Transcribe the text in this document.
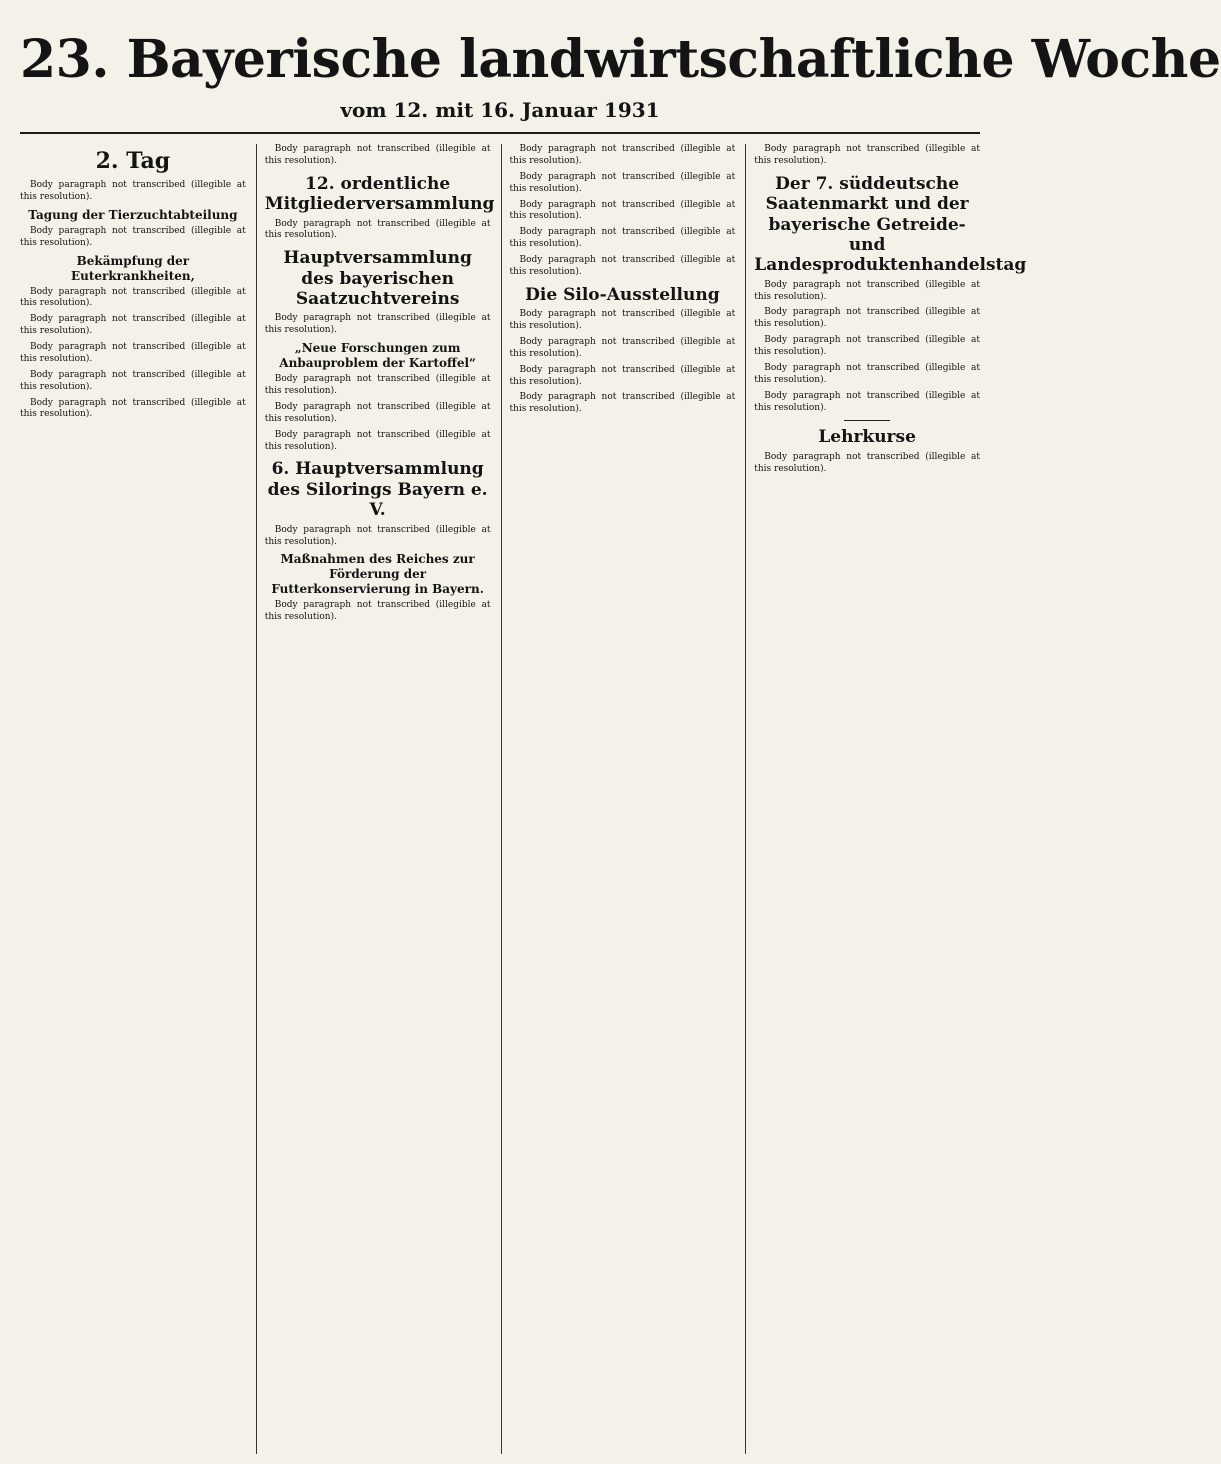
23. Bayerische landwirtschaftliche Woche
vom 12. mit 16. Januar 1931
2. Tag

Body paragraph not transcribed (illegible at this resolution).

Tagung der Tierzuchtabteilung

Body paragraph not transcribed (illegible at this resolution).

Bekämpfung der Euterkrankheiten,

Body paragraph not transcribed (illegible at this resolution).

Body paragraph not transcribed (illegible at this resolution).

Body paragraph not transcribed (illegible at this resolution).

Body paragraph not transcribed (illegible at this resolution).

Body paragraph not transcribed (illegible at this resolution).

Body paragraph not transcribed (illegible at this resolution).

12. ordentliche Mitgliederversammlung

Body paragraph not transcribed (illegible at this resolution).

Hauptversammlung des bayerischen Saatzuchtvereins

Body paragraph not transcribed (illegible at this resolution).

„Neue Forschungen zum Anbauproblem der Kartoffel“

Body paragraph not transcribed (illegible at this resolution).

Body paragraph not transcribed (illegible at this resolution).

Body paragraph not transcribed (illegible at this resolution).

6. Hauptversammlung des Silorings Bayern e. V.

Body paragraph not transcribed (illegible at this resolution).

Maßnahmen des Reiches zur Förderung der Futterkonservierung in Bayern.

Body paragraph not transcribed (illegible at this resolution).

Body paragraph not transcribed (illegible at this resolution).

Body paragraph not transcribed (illegible at this resolution).

Body paragraph not transcribed (illegible at this resolution).

Body paragraph not transcribed (illegible at this resolution).

Body paragraph not transcribed (illegible at this resolution).

Die Silo-Ausstellung

Body paragraph not transcribed (illegible at this resolution).

Body paragraph not transcribed (illegible at this resolution).

Body paragraph not transcribed (illegible at this resolution).

Body paragraph not transcribed (illegible at this resolution).

Body paragraph not transcribed (illegible at this resolution).

Der 7. süddeutsche Saatenmarkt und der bayerische Getreide- und Landesproduktenhandelstag

Body paragraph not transcribed (illegible at this resolution).

Body paragraph not transcribed (illegible at this resolution).

Body paragraph not transcribed (illegible at this resolution).

Body paragraph not transcribed (illegible at this resolution).

Body paragraph not transcribed (illegible at this resolution).

Lehrkurse

Body paragraph not transcribed (illegible at this resolution).
